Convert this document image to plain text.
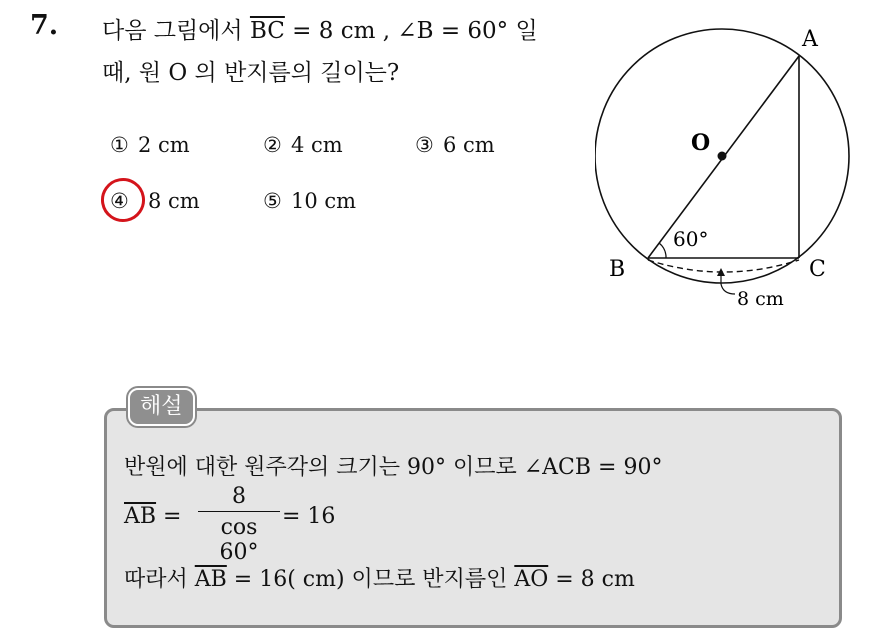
7. 다음 그림에서 $\overline{BC} = 8$ cm , ∠B = 60° 일
때, 원 O 의 반지름의 길이는?
① 2 cm	② 4 cm	③ 6 cm
④ 8 cm	⑤ 10 cm
O
A
B	C
60°
8 cm
해설
반원에 대한 원주각의 크기는 90° 이므로 ∠ACB = 90°
$\overline{AB} = \frac{8}{\cos 60^\circ} = 16$
따라서 $\overline{AB} = 16$( cm) 이므로 반지름인 $\overline{AO} = 8$ cm
